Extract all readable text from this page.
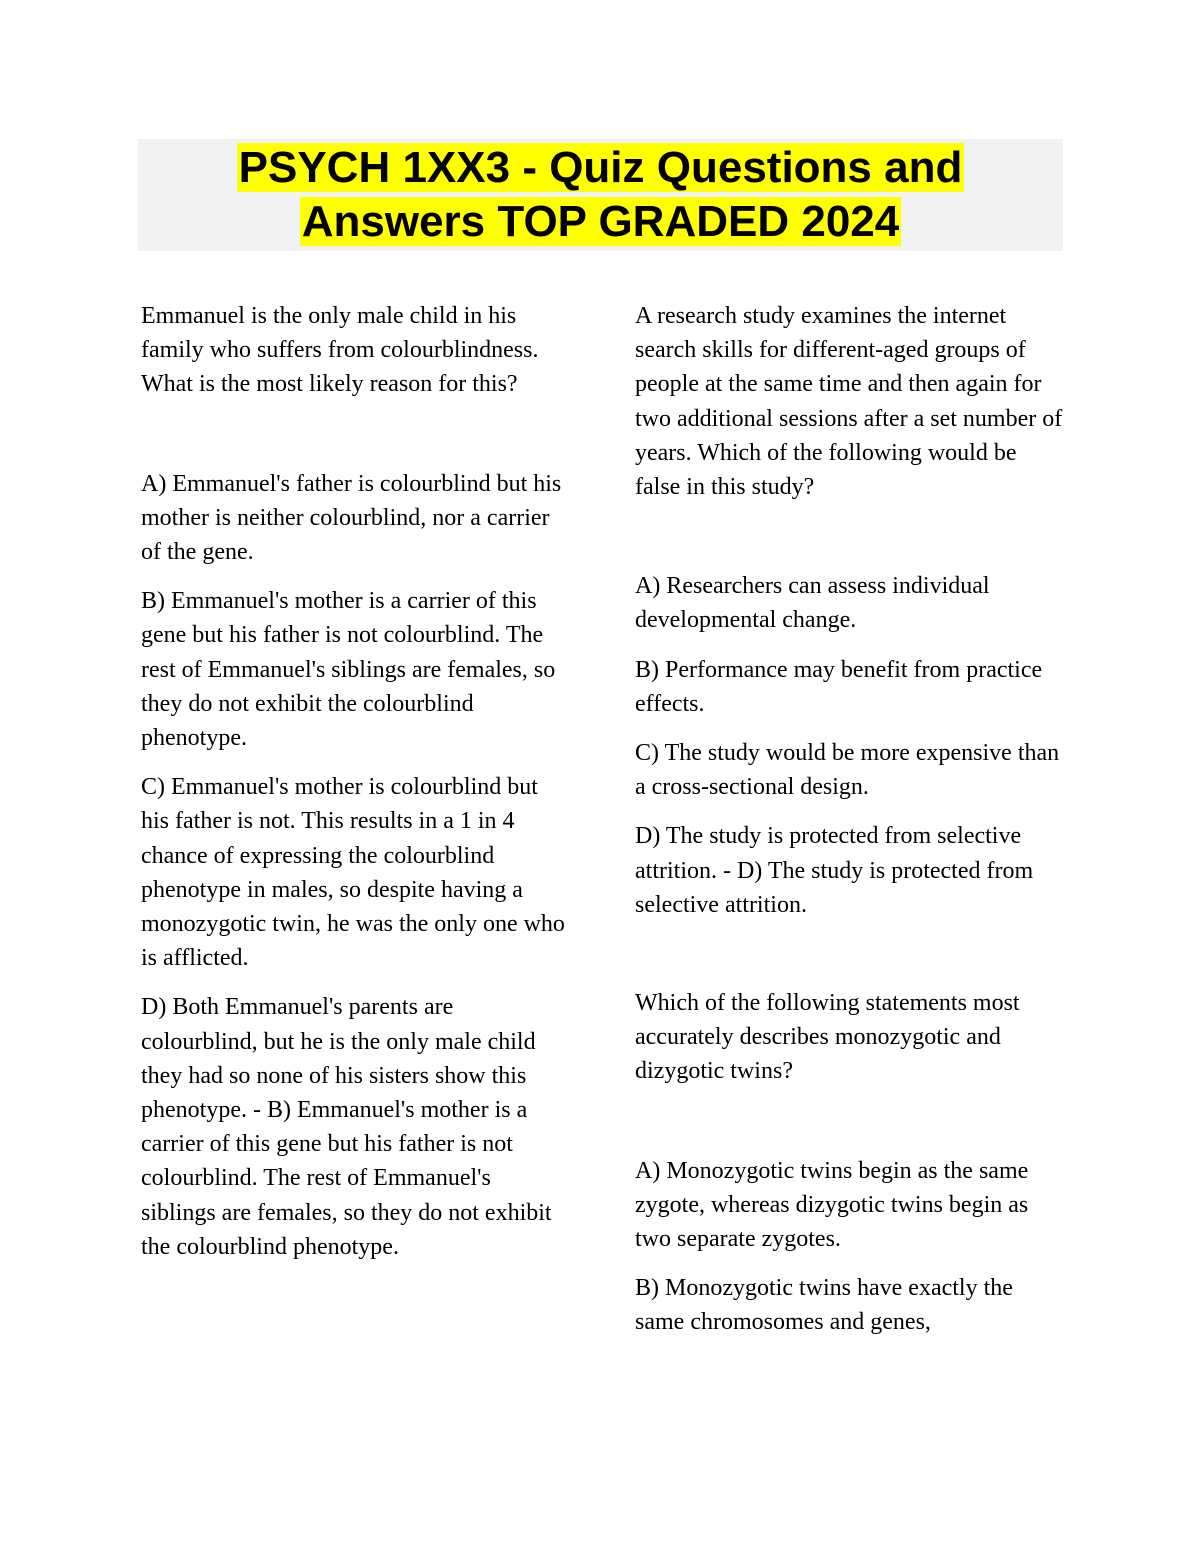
PSYCH 1XX3 - Quiz Questions and
Answers TOP GRADED 2024

Emmanuel is the only male child in his family who suffers from colourblindness. What is the most likely reason for this?

A) Emmanuel's father is colourblind but his mother is neither colourblind, nor a carrier of the gene.

B) Emmanuel's mother is a carrier of this gene but his father is not colourblind. The rest of Emmanuel's siblings are females, so they do not exhibit the colourblind phenotype.

C) Emmanuel's mother is colourblind but his father is not. This results in a 1 in 4 chance of expressing the colourblind phenotype in males, so despite having a monozygotic twin, he was the only one who is afflicted.

D) Both Emmanuel's parents are colourblind, but he is the only male child they had so none of his sisters show this phenotype. - B) Emmanuel's mother is a carrier of this gene but his father is not colourblind. The rest of Emmanuel's siblings are females, so they do not exhibit the colourblind phenotype.

A research study examines the internet search skills for different-aged groups of people at the same time and then again for two additional sessions after a set number of years. Which of the following would be false in this study?

A) Researchers can assess individual developmental change.

B) Performance may benefit from practice effects.

C) The study would be more expensive than a cross-sectional design.

D) The study is protected from selective attrition. - D) The study is protected from selective attrition.

Which of the following statements most accurately describes monozygotic and dizygotic twins?

A) Monozygotic twins begin as the same zygote, whereas dizygotic twins begin as two separate zygotes.

B) Monozygotic twins have exactly the same chromosomes and genes,
